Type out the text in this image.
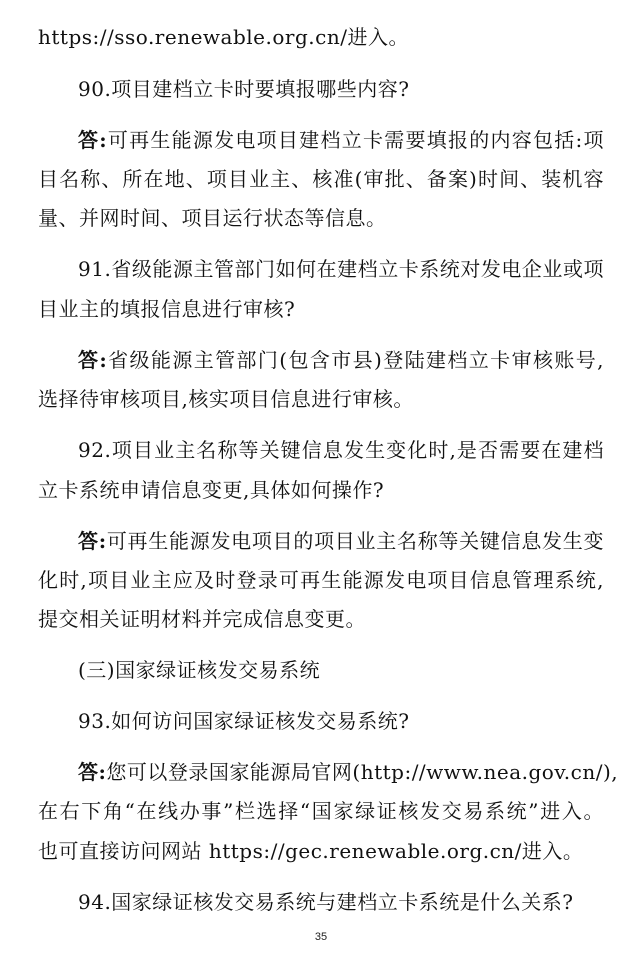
https://sso.renewable.org.cn/进入。
90.项目建档立卡时要填报哪些内容?
答:可再生能源发电项目建档立卡需要填报的内容包括:项
目名称、所在地、项目业主、核准(审批、备案)时间、装机容
量、并网时间、项目运行状态等信息。
91.省级能源主管部门如何在建档立卡系统对发电企业或项
目业主的填报信息进行审核?
答:省级能源主管部门(包含市县)登陆建档立卡审核账号,
选择待审核项目,核实项目信息进行审核。
92.项目业主名称等关键信息发生变化时,是否需要在建档
立卡系统申请信息变更,具体如何操作?
答:可再生能源发电项目的项目业主名称等关键信息发生变
化时,项目业主应及时登录可再生能源发电项目信息管理系统,
提交相关证明材料并完成信息变更。
(三)国家绿证核发交易系统
93.如何访问国家绿证核发交易系统?
答:您可以登录国家能源局官网(http://www.nea.gov.cn/),
在右下角“在线办事”栏选择“国家绿证核发交易系统”进入。
也可直接访问网站 https://gec.renewable.org.cn/进入。
94.国家绿证核发交易系统与建档立卡系统是什么关系?
35
